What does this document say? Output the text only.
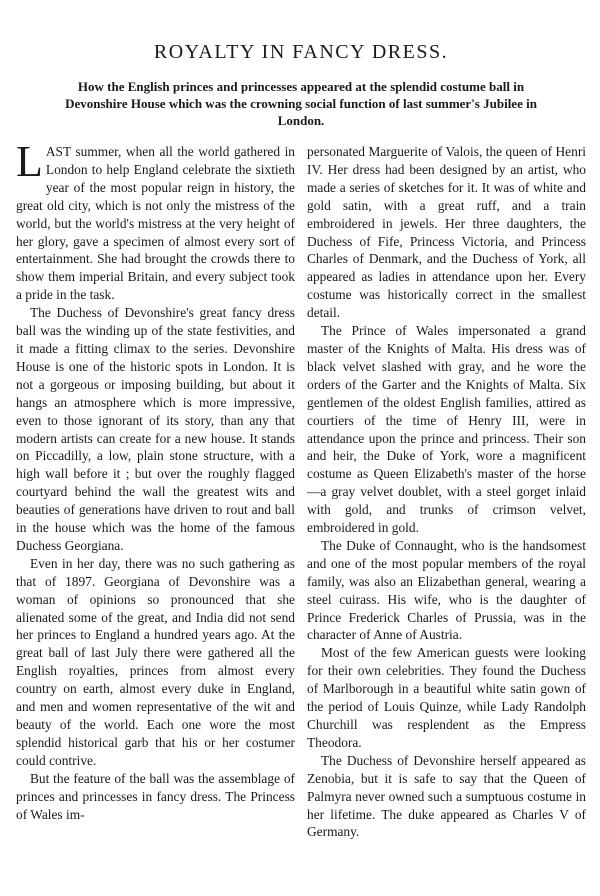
ROYALTY IN FANCY DRESS.
How the English princes and princesses appeared at the splendid costume ball in Devonshire House which was the crowning social function of last summer's Jubilee in London.

LAST summer, when all the world gathered in London to help England celebrate the sixtieth year of the most popular reign in history, the great old city, which is not only the mistress of the world, but the world's mistress at the very height of her glory, gave a specimen of almost every sort of entertainment. She had brought the crowds there to show them imperial Britain, and every subject took a pride in the task.

The Duchess of Devonshire's great fancy dress ball was the winding up of the state festivities, and it made a fitting climax to the series. Devonshire House is one of the historic spots in London. It is not a gorgeous or imposing building, but about it hangs an atmosphere which is more impressive, even to those ignorant of its story, than any that modern artists can create for a new house. It stands on Piccadilly, a low, plain stone structure, with a high wall before it ; but over the roughly flagged courtyard behind the wall the greatest wits and beauties of generations have driven to rout and ball in the house which was the home of the famous Duchess Georgiana.

Even in her day, there was no such gathering as that of 1897. Georgiana of Devonshire was a woman of opinions so pronounced that she alienated some of the great, and India did not send her princes to England a hundred years ago. At the great ball of last July there were gathered all the English royalties, princes from almost every country on earth, almost every duke in England, and men and women representative of the wit and beauty of the world. Each one wore the most splendid historical garb that his or her costumer could contrive.

But the feature of the ball was the assemblage of princes and princesses in fancy dress. The Princess of Wales im-

personated Marguerite of Valois, the queen of Henri IV. Her dress had been designed by an artist, who made a series of sketches for it. It was of white and gold satin, with a great ruff, and a train embroidered in jewels. Her three daughters, the Duchess of Fife, Princess Victoria, and Princess Charles of Denmark, and the Duchess of York, all appeared as ladies in attendance upon her. Every costume was historically correct in the smallest detail.

The Prince of Wales impersonated a grand master of the Knights of Malta. His dress was of black velvet slashed with gray, and he wore the orders of the Garter and the Knights of Malta. Six gentlemen of the oldest English families, attired as courtiers of the time of Henry III, were in attendance upon the prince and princess. Their son and heir, the Duke of York, wore a magnificent costume as Queen Elizabeth's master of the horse —a gray velvet doublet, with a steel gorget inlaid with gold, and trunks of crimson velvet, embroidered in gold.

The Duke of Connaught, who is the handsomest and one of the most popular members of the royal family, was also an Elizabethan general, wearing a steel cuirass. His wife, who is the daughter of Prince Frederick Charles of Prussia, was in the character of Anne of Austria.

Most of the few American guests were looking for their own celebrities. They found the Duchess of Marlborough in a beautiful white satin gown of the period of Louis Quinze, while Lady Randolph Churchill was resplendent as the Empress Theodora.

The Duchess of Devonshire herself appeared as Zenobia, but it is safe to say that the Queen of Palmyra never owned such a sumptuous costume in her lifetime. The duke appeared as Charles V of Germany.
